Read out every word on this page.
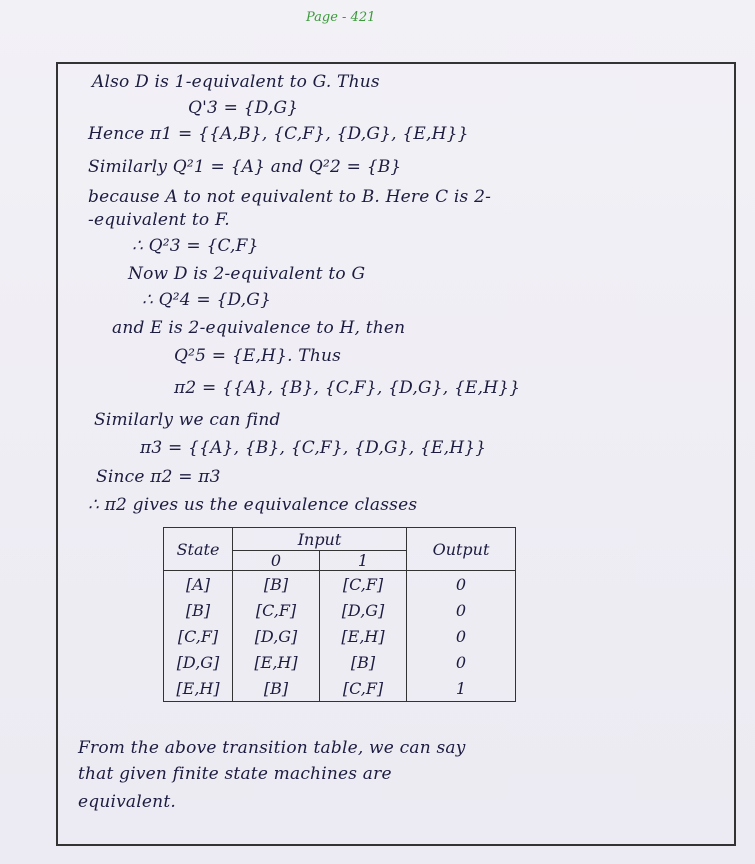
Page - 421
Also D is 1-equivalent to G. Thus
Q'3 = {D,G}
Hence π1 = {{A,B}, {C,F}, {D,G}, {E,H}}
Similarly Q²1 = {A} and Q²2 = {B}
because A to not equivalent to B. Here C is 2-
-equivalent to F.
∴ Q²3 = {C,F}
Now D is 2-equivalent to G
∴ Q²4 = {D,G}
and E is 2-equivalence to H, then
Q²5 = {E,H}. Thus
π2 = {{A}, {B}, {C,F}, {D,G}, {E,H}}
Similarly we can find
π3 = {{A}, {B}, {C,F}, {D,G}, {E,H}}
Since π2 = π3
∴ π2 gives us the equivalence classes
State	Input		Output
	0	1	
[A]	[B]	[C,F]	0
[B]	[C,F]	[D,G]	0
[C,F]	[D,G]	[E,H]	0
[D,G]	[E,H]	[B]	0
[E,H]	[B]	[C,F]	1
From the above transition table, we can say
that given finite state machines are
equivalent.
